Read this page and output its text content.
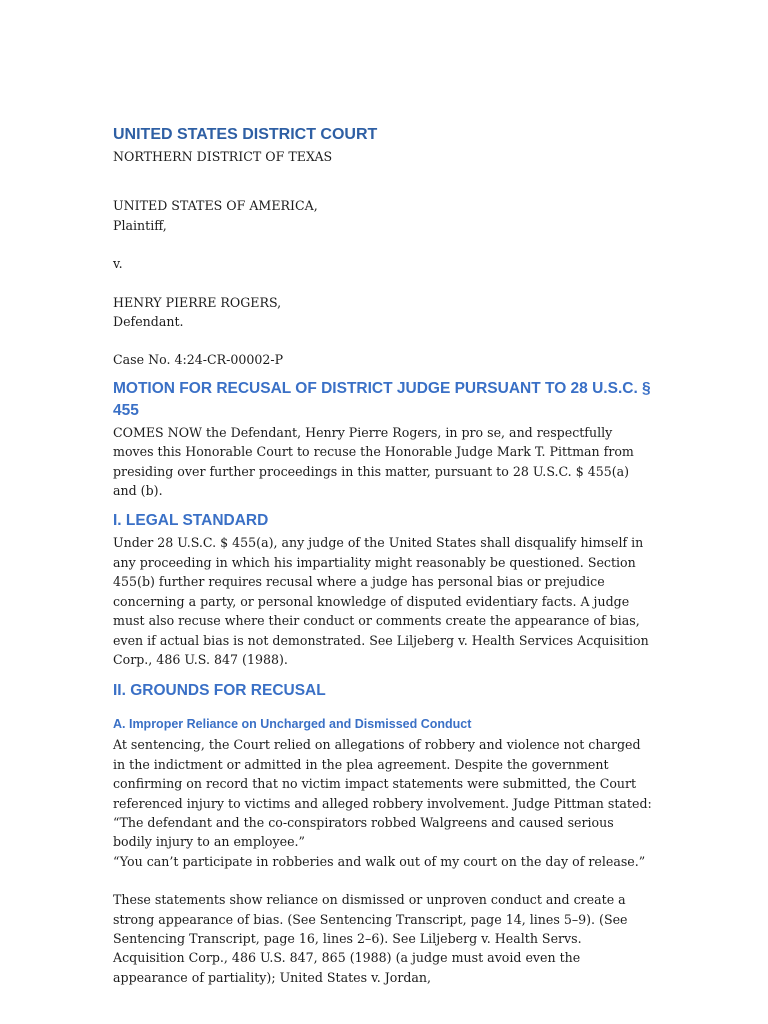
UNITED STATES DISTRICT COURT

NORTHERN DISTRICT OF TEXAS

UNITED STATES OF AMERICA,

Plaintiff,

v.

HENRY PIERRE ROGERS,

Defendant.

Case No. 4:24-CR-00002-P

MOTION FOR RECUSAL OF DISTRICT JUDGE PURSUANT TO 28 U.S.C. § 455

COMES NOW the Defendant, Henry Pierre Rogers, in pro se, and respectfully moves this Honorable Court to recuse the Honorable Judge Mark T. Pittman from presiding over further proceedings in this matter, pursuant to 28 U.S.C. $ 455(a) and (b).

I. LEGAL STANDARD

Under 28 U.S.C. $ 455(a), any judge of the United States shall disqualify himself in any proceeding in which his impartiality might reasonably be questioned. Section 455(b) further requires recusal where a judge has personal bias or prejudice concerning a party, or personal knowledge of disputed evidentiary facts. A judge must also recuse where their conduct or comments create the appearance of bias, even if actual bias is not demonstrated. See Liljeberg v. Health Services Acquisition Corp., 486 U.S. 847 (1988).

II. GROUNDS FOR RECUSAL
A. Improper Reliance on Uncharged and Dismissed Conduct

At sentencing, the Court relied on allegations of robbery and violence not charged in the indictment or admitted in the plea agreement. Despite the government confirming on record that no victim impact statements were submitted, the Court referenced injury to victims and alleged robbery involvement. Judge Pittman stated:

“The defendant and the co-conspirators robbed Walgreens and caused serious bodily injury to an employee.”

“You can’t participate in robberies and walk out of my court on the day of release.”

These statements show reliance on dismissed or unproven conduct and create a strong appearance of bias. (See Sentencing Transcript, page 14, lines 5–9). (See Sentencing Transcript, page 16, lines 2–6). See Liljeberg v. Health Servs. Acquisition Corp., 486 U.S. 847, 865 (1988) (a judge must avoid even the appearance of partiality); United States v. Jordan,
